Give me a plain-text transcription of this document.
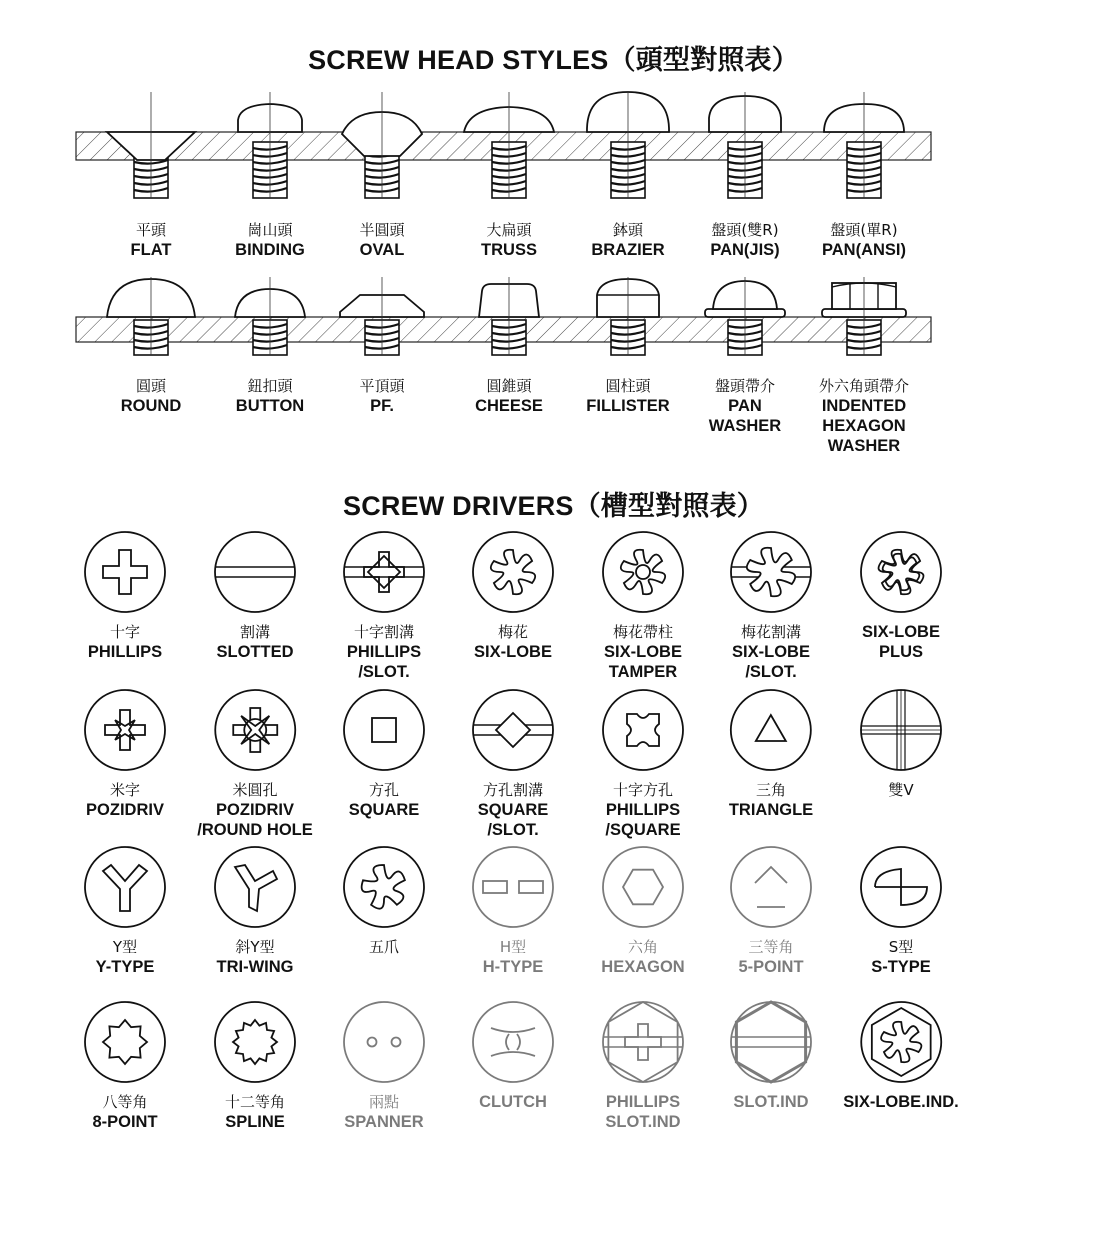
SCREW HEAD STYLES（頭型對照表）
平頭
FLAT
崗山頭
BINDING
半圓頭
OVAL
大扁頭
TRUSS
鉢頭
BRAZIER
盤頭(雙R)
PAN(JIS)
盤頭(單R)
PAN(ANSI)
圓頭
ROUND
鈕扣頭
BUTTON
平頂頭
PF.
圓錐頭
CHEESE
圓柱頭
FILLISTER
盤頭帶介
PAN
WASHER
外六角頭帶介
INDENTED
HEXAGON
WASHER
SCREW DRIVERS（槽型對照表）
十字
PHILLIPS
割溝
SLOTTED
十字割溝
PHILLIPS
/SLOT.
梅花
SIX-LOBE
梅花帶柱
SIX-LOBE
TAMPER
梅花割溝
SIX-LOBE
/SLOT.
SIX-LOBE
PLUS
米字
POZIDRIV
米圓孔
POZIDRIV
/ROUND HOLE
方孔
SQUARE
方孔割溝
SQUARE
/SLOT.
十字方孔
PHILLIPS
/SQUARE
三角
TRIANGLE
雙V
Y型
Y-TYPE
斜Y型
TRI-WING
五爪	H型
H-TYPE
六角
HEXAGON
三等角
5-POINT
S型
S-TYPE
八等角
8-POINT
十二等角
SPLINE
兩點
SPANNER
CLUTCH	PHILLIPS
SLOT.IND
SLOT.IND SIX-LOBE.IND.
